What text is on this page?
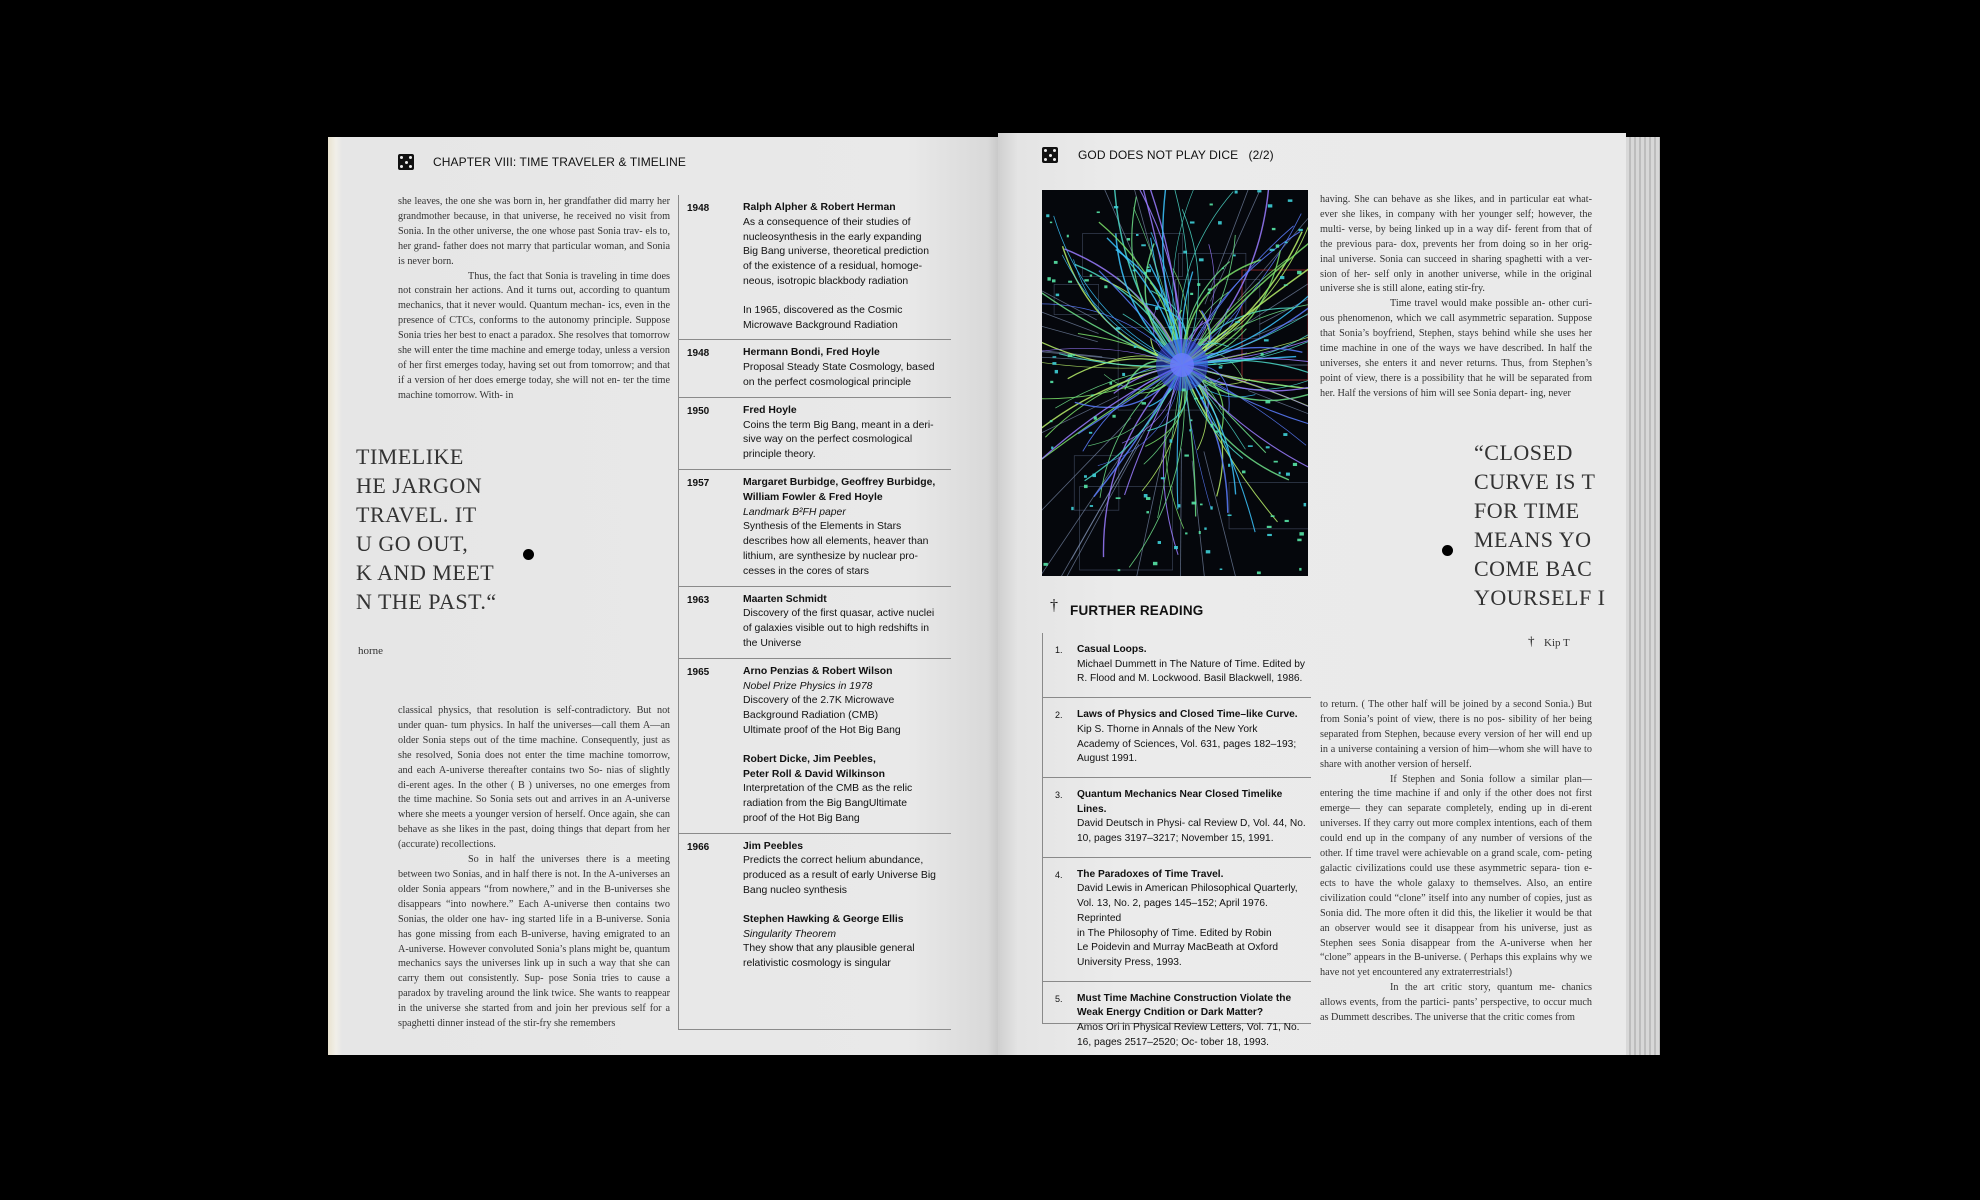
CHAPTER VIII: TIME TRAVELER & TIMELINE

she leaves, the one she was born in, her grandfather did marry her grandmother because, in that universe, he received no visit from Sonia. In the other universe, the one whose past Sonia trav- els to, her grand- father does not marry that particular woman, and Sonia is never born.

Thus, the fact that Sonia is traveling in time does not constrain her actions. And it turns out, according to quantum mechanics, that it never would. Quantum mechan- ics, even in the presence of CTCs, conforms to the autonomy principle. Suppose Sonia tries her best to enact a paradox. She resolves that tomorrow she will enter the time machine and emerge today, unless a version of her first emerges today, having set out from tomorrow; and that if a version of her does emerge today, she will not en- ter the time machine tomorrow. With- in

TIMELIKE
HE JARGON
TRAVEL. IT
U GO OUT,
K AND MEET
N THE PAST.“
horne

classical physics, that resolution is self-contradictory. But not under quan- tum physics. In half the universes—call them A—an older Sonia steps out of the time machine. Consequently, just as she resolved, Sonia does not enter the time machine tomorrow, and each A-universe thereafter contains two So- nias of slightly di-erent ages. In the other ( B ) universes, no one emerges from the time machine. So Sonia sets out and arrives in an A-universe where she meets a younger version of herself. Once again, she can behave as she likes in the past, doing things that depart from her (accurate) recollections.

So in half the universes there is a meeting between two Sonias, and in half there is not. In the A-universes an older Sonia appears “from nowhere,” and in the B-universes she disappears “into nowhere.” Each A-universe then contains two Sonias, the older one hav- ing started life in a B-universe. Sonia has gone missing from each B-universe, having emigrated to an A-universe. However convoluted Sonia’s plans might be, quantum mechanics says the universes link up in such a way that she can carry them out consistently. Sup- pose Sonia tries to cause a paradox by traveling around the link twice. She wants to reappear in the universe she started from and join her previous self for a spaghetti dinner instead of the stir-fry she remembers

1948	Ralph Alpher & Robert Herman
As a consequence of their studies of
nucleosynthesis in the early expanding
Big Bang universe, theoretical prediction
of the existence of a residual, homoge-
neous, isotropic blackbody radiation
In 1965, discovered as the Cosmic
Microwave Background Radiation
1948	Hermann Bondi, Fred Hoyle
Proposal Steady State Cosmology, based
on the perfect cosmological principle
1950	Fred Hoyle
Coins the term Big Bang, meant in a deri-
sive way on the perfect cosmological
principle theory.
1957	Margaret Burbidge, Geoffrey Burbidge,
William Fowler & Fred Hoyle
Landmark B²FH paper
Synthesis of the Elements in Stars
describes how all elements, heaver than
lithium, are synthesize by nuclear pro-
cesses in the cores of stars
1963	Maarten Schmidt
Discovery of the first quasar, active nuclei
of galaxies visible out to high redshifts in
the Universe
1965	Arno Penzias & Robert Wilson
Nobel Prize Physics in 1978
Discovery of the 2.7K Microwave
Background Radiation (CMB)
Ultimate proof of the Hot Big Bang
Robert Dicke, Jim Peebles,
Peter Roll & David Wilkinson
Interpretation of the CMB as the relic
radiation from the Big BangUltimate
proof of the Hot Big Bang
1966	Jim Peebles
Predicts the correct helium abundance,
produced as a result of early Universe Big
Bang nucleo synthesis
Stephen Hawking & George Ellis
Singularity Theorem
They show that any plausible general
relativistic cosmology is singular
GOD DOES NOT PLAY DICE   (2/2)

having. She can behave as she likes, and in particular eat what- ever she likes, in company with her younger self; however, the multi- verse, by being linked up in a way dif- ferent from that of the previous para- dox, prevents her from doing so in her orig- inal universe. Sonia can succeed in sharing spaghetti with a ver- sion of her- self only in another universe, while in the original universe she is still alone, eating stir-fry.

Time travel would make possible an- other curi- ous phenomenon, which we call asymmetric separation. Suppose that Sonia’s boyfriend, Stephen, stays behind while she uses her time machine in one of the ways we have described. In half the universes, she enters it and never returns. Thus, from Stephen’s point of view, there is a possibility that he will be separated from her. Half the versions of him will see Sonia depart- ing, never

“CLOSED
CURVE IS T
FOR TIME
MEANS YO
COME BAC
YOURSELF I
† Kip T
† FURTHER READING
1. Casual Loops.
Michael Dummett in The Nature of Time. Edited by
R. Flood and M. Lockwood. Basil Blackwell, 1986.
2. Laws of Physics and Closed Time–like Curve.
Kip S. Thorne in Annals of the New York
Academy of Sciences, Vol. 631, pages 182–193;
August 1991.
3. Quantum Mechanics Near Closed Timelike Lines.
David Deutsch in Physi- cal Review D, Vol. 44, No.
10, pages 3197–3217; November 15, 1991.
4. The Paradoxes of Time Travel.
David Lewis in American Philosophical Quarterly,
Vol. 13, No. 2, pages 145–152; April 1976. Reprinted
in The Philosophy of Time. Edited by Robin
Le Poidevin and Murray MacBeath at Oxford
University Press, 1993.
5. Must Time Machine Construction Violate the Weak Energy Cndition or Dark Matter?
Amos Ori in Physical Review Letters, Vol. 71, No.
16, pages 2517–2520; Oc- tober 18, 1993.

to return. ( The other half will be joined by a second Sonia.) But from Sonia’s point of view, there is no pos- sibility of her being separated from Stephen, because every version of her will end up in a universe containing a version of him—whom she will have to share with another version of herself.

If Stephen and Sonia follow a similar plan—entering the time machine if and only if the other does not first emerge— they can separate completely, ending up in di-erent universes. If they carry out more complex intentions, each of them could end up in the company of any number of versions of the other. If time travel were achievable on a grand scale, com- peting galactic civilizations could use these asymmetric separa- tion e-ects to have the whole galaxy to themselves. Also, an entire civilization could “clone” itself into any number of copies, just as Sonia did. The more often it did this, the likelier it would be that an observer would see it disappear from his universe, just as Stephen sees Sonia disappear from the A-universe when her “clone” appears in the B-universe. ( Perhaps this explains why we have not yet encountered any extraterrestrials!)

In the art critic story, quantum me- chanics allows events, from the partici- pants’ perspective, to occur much as Dummett describes. The universe that the critic comes from
